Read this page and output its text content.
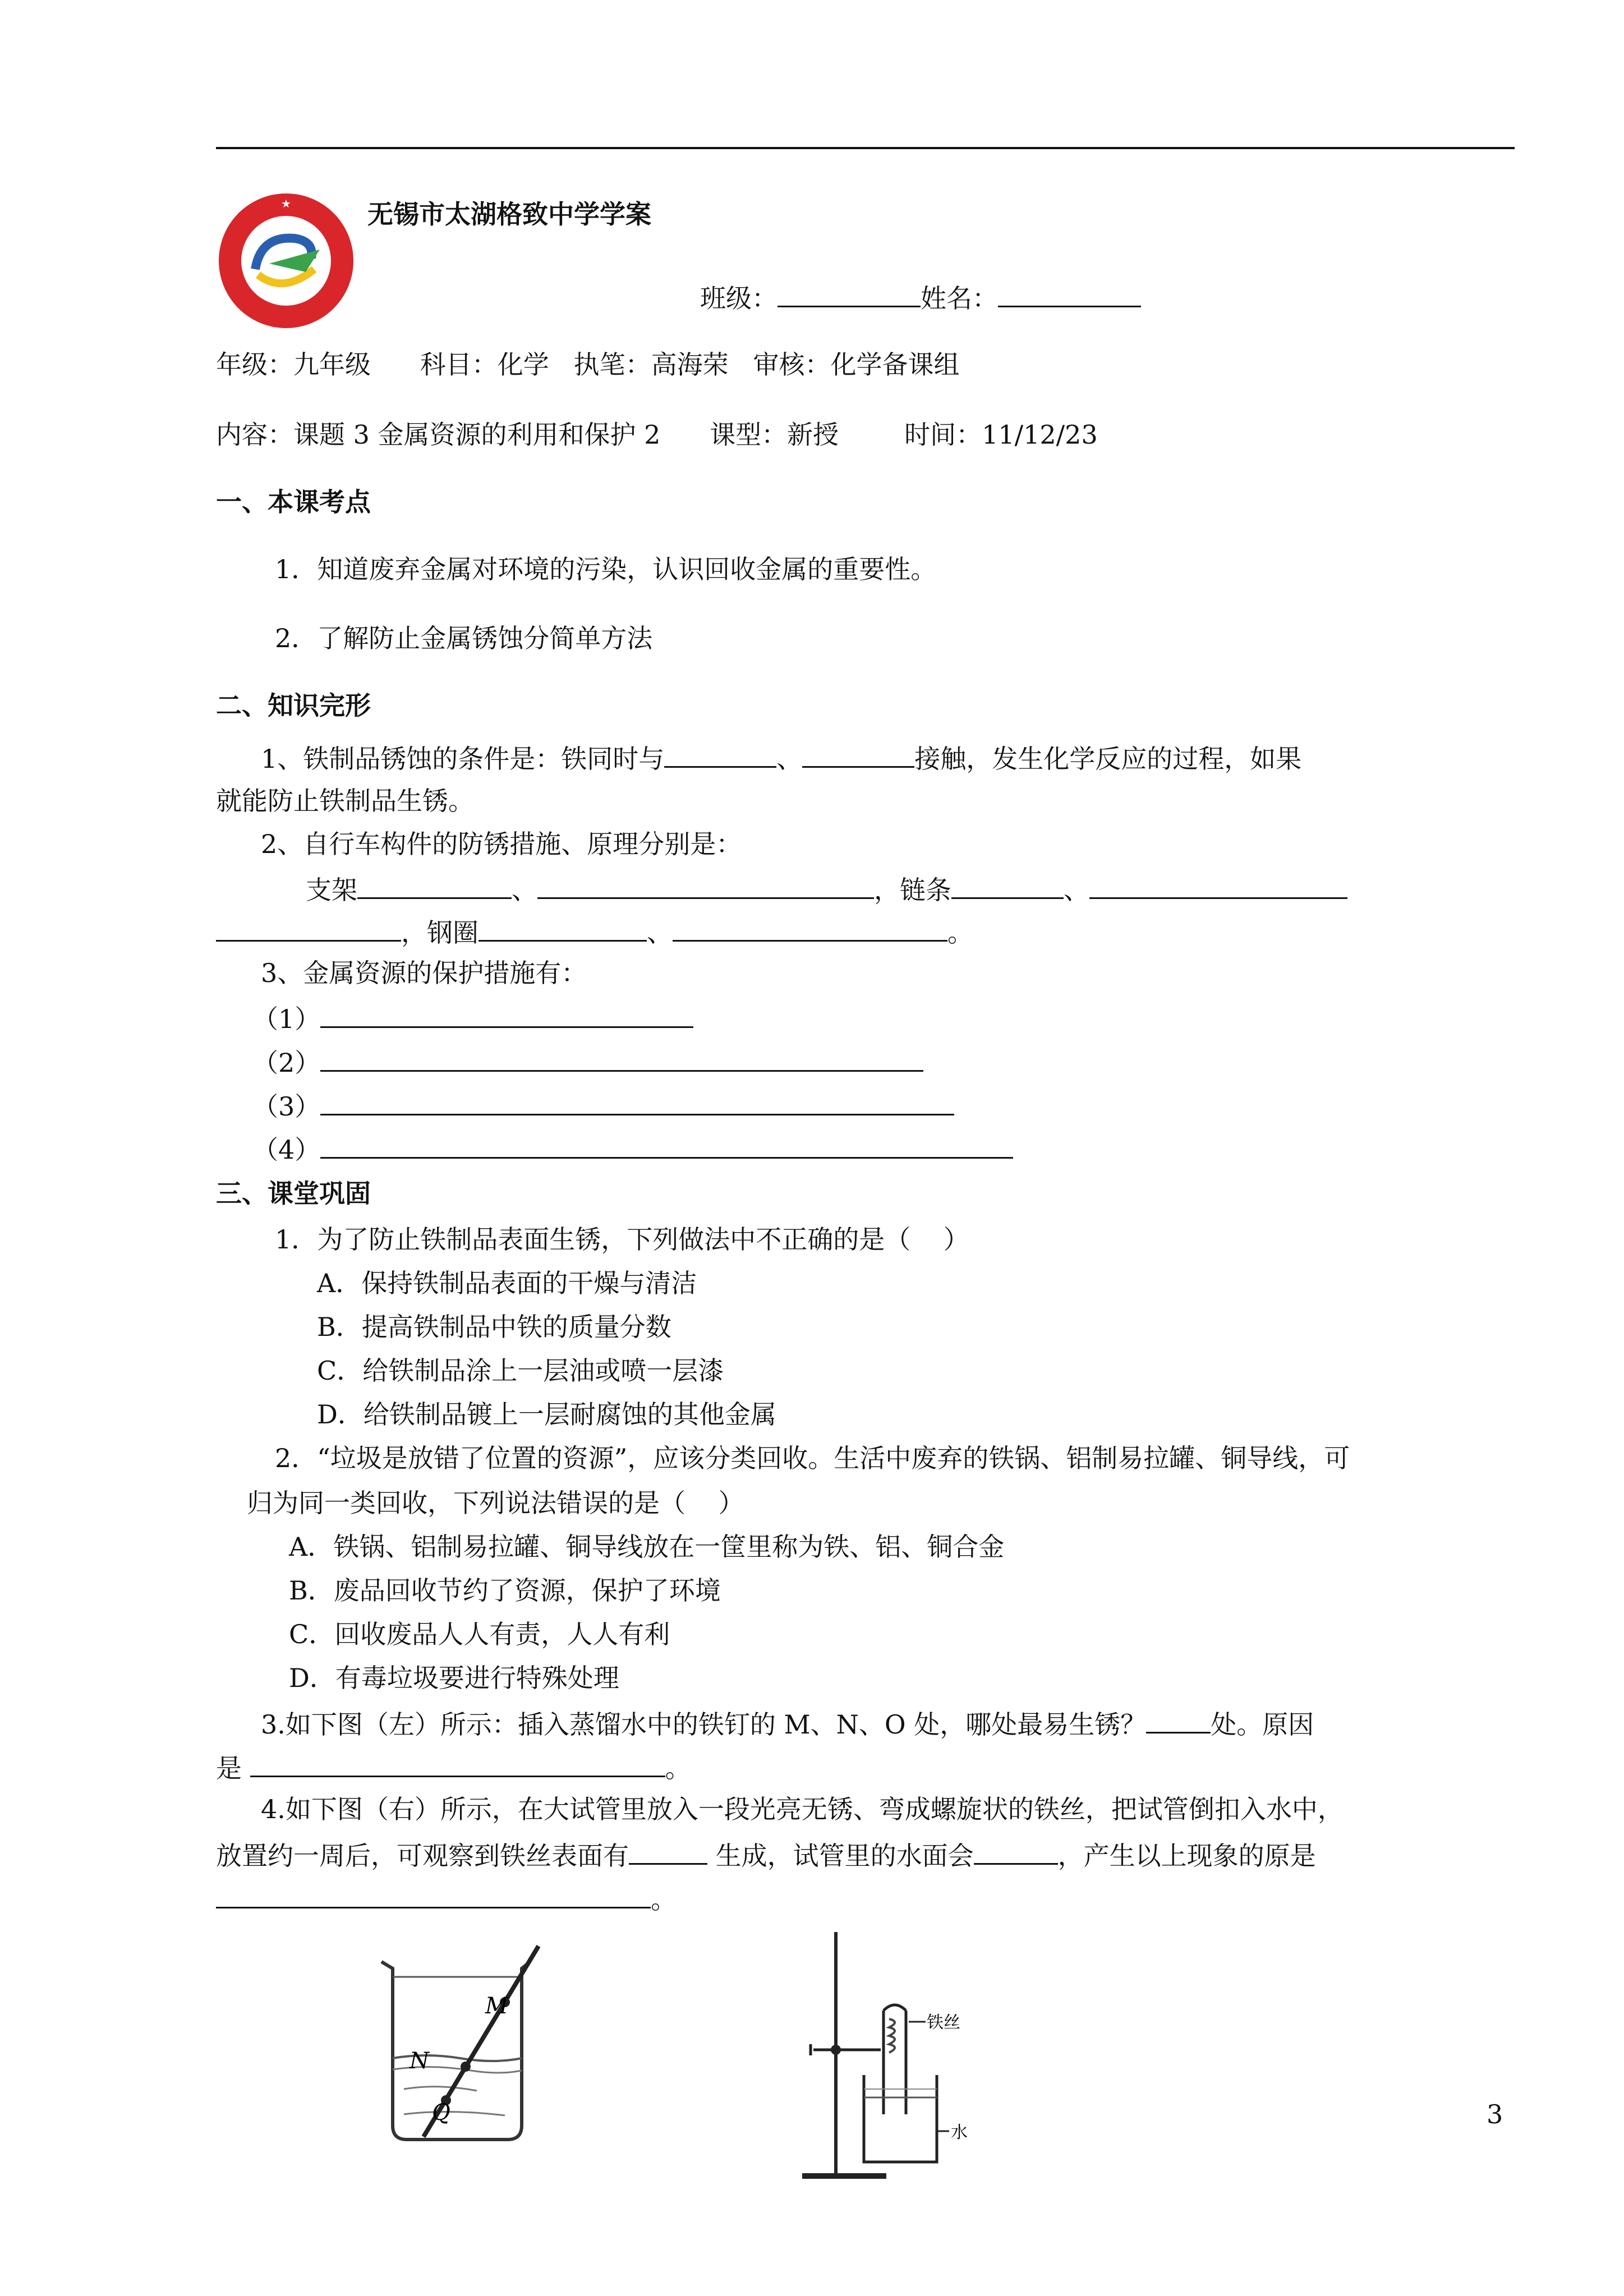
★	无锡市太湖格致中学学案
班级：	姓名：
年级：九年级      科目：化学   执笔：高海荣   审核：化学备课组
内容：课题 3 金属资源的利用和保护 2      课型：新授        时间：11/12/23
一、本课考点
1．知道废弃金属对环境的污染，认识回收金属的重要性。
2．了解防止金属锈蚀分简单方法
二、知识完形
1、铁制品锈蚀的条件是：铁同时与	、	接触，发生化学反应的过程，如果
就能防止铁制品生锈。
2、自行车构件的防锈措施、原理分别是：
支架	、	，链条	、
，钢圈	、	。
3、金属资源的保护措施有：
（1）
（2）
（3）
（4）
三、课堂巩固
1．为了防止铁制品表面生锈，下列做法中不正确的是（    ）
A．保持铁制品表面的干燥与清洁
B．提高铁制品中铁的质量分数
C．给铁制品涂上一层油或喷一层漆
D．给铁制品镀上一层耐腐蚀的其他金属
2．“垃圾是放错了位置的资源”，应该分类回收。生活中废弃的铁锅、铝制易拉罐、铜导线，可
归为同一类回收，下列说法错误的是（    ）
A．铁锅、铝制易拉罐、铜导线放在一筐里称为铁、铝、铜合金
B．废品回收节约了资源，保护了环境
C．回收废品人人有责，人人有利
D．有毒垃圾要进行特殊处理
3.如下图（左）所示：插入蒸馏水中的铁钉的 M、N、O 处，哪处最易生锈？	处。原因
是	。
4.如下图（右）所示，在大试管里放入一段光亮无锈、弯成螺旋状的铁丝，把试管倒扣入水中，
放置约一周后，可观察到铁丝表面有	生成，试管里的水面会	，产生以上现象的原是
。
M
N
Q
铁丝
水
3
